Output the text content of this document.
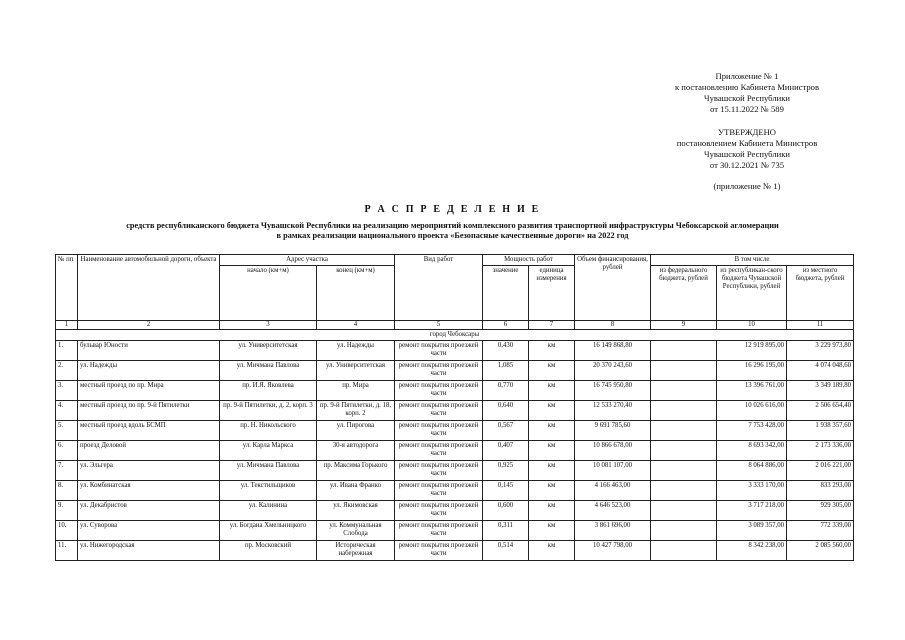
Приложение № 1
к постановлению Кабинета Министров
Чувашской Республики
от 15.11.2022 № 589
УТВЕРЖДЕНО
постановлением Кабинета Министров
Чувашской Республики
от 30.12.2021 № 735
(приложение № 1)
Р А С П Р Е Д Е Л Е Н И Е
средств республиканского бюджета Чувашской Республики на реализацию мероприятий комплексного развития транспортной инфраструктуры Чебоксарской агломерации
в рамках реализации национального проекта «Безопасные качественные дороги» на 2022 год
№ пп	Наименование автомобильной дороги, объекта	Адрес участка		Вид работ	Мощность работ		Объем финансирования, рублей	В том числе		
		начало (км+м)	конец (км+м)		значение	единица измерения		из федерального бюджета, рублей	из республикан-ского бюджета Чувашской Республики, рублей	из местного бюджета, рублей
1	2	3	4	5	6	7	8	9	10	11
город Чебоксары										
1.	бульвар Юности	ул. Университетская	ул. Надежды	ремонт покрытия проезжей части	0,430	км	16 149 868,80		12 919 895,00	3 229 973,80
2.	ул. Надежды	ул. Мичмана Павлова	ул. Университетская	ремонт покрытия проезжей части	1,085	км	20 370 243,60		16 296 195,00	4 074 048,60
3.	местный проезд по пр. Мира	пр. И.Я. Яковлева	пр. Мира	ремонт покрытия проезжей части	0,770	км	16 745 950,80		13 396 761,00	3 349 189,80
4.	местный проезд по пр. 9-й Пятилетки	пр. 9-й Пятилетки, д. 2, корп. 3	пр. 9-й Пятилетки, д. 18, корп. 2	ремонт покрытия проезжей части	0,640	км	12 533 270,40		10 026 616,00	2 506 654,40
5.	местный проезд вдоль БСМП	пр. Н. Никольского	ул. Пирогова	ремонт покрытия проезжей части	0,567	км	9 691 785,60		7 753 428,00	1 938 357,60
6.	проезд Деловой	ул. Карла Маркса	30-я автодорога	ремонт покрытия проезжей части	0,407	км	10 866 678,00		8 693 342,00	2 173 336,00
7.	ул. Эльгера	ул. Мичмана Павлова	пр. Максима Горького	ремонт покрытия проезжей части	0,925	км	10 081 107,00		8 064 886,00	2 016 221,00
8.	ул. Комбинатская	ул. Текстильщиков	ул. Ивана Франко	ремонт покрытия проезжей части	0,145	км	4 166 463,00		3 333 170,00	833 293,00
9.	ул. Декабристов	ул. Калинина	ул. Якимовская	ремонт покрытия проезжей части	0,600	км	4 646 523,00		3 717 218,00	929 305,00
10.	ул. Суворова	ул. Богдана Хмельницкого	ул. Коммунальная Слобода	ремонт покрытия проезжей части	0,311	км	3 861 696,00		3 089 357,00	772 339,00
11.	ул. Нижегородская	пр. Московский	Историческая набережная	ремонт покрытия проезжей части	0,514	км	10 427 798,00		8 342 238,00	2 085 560,00
